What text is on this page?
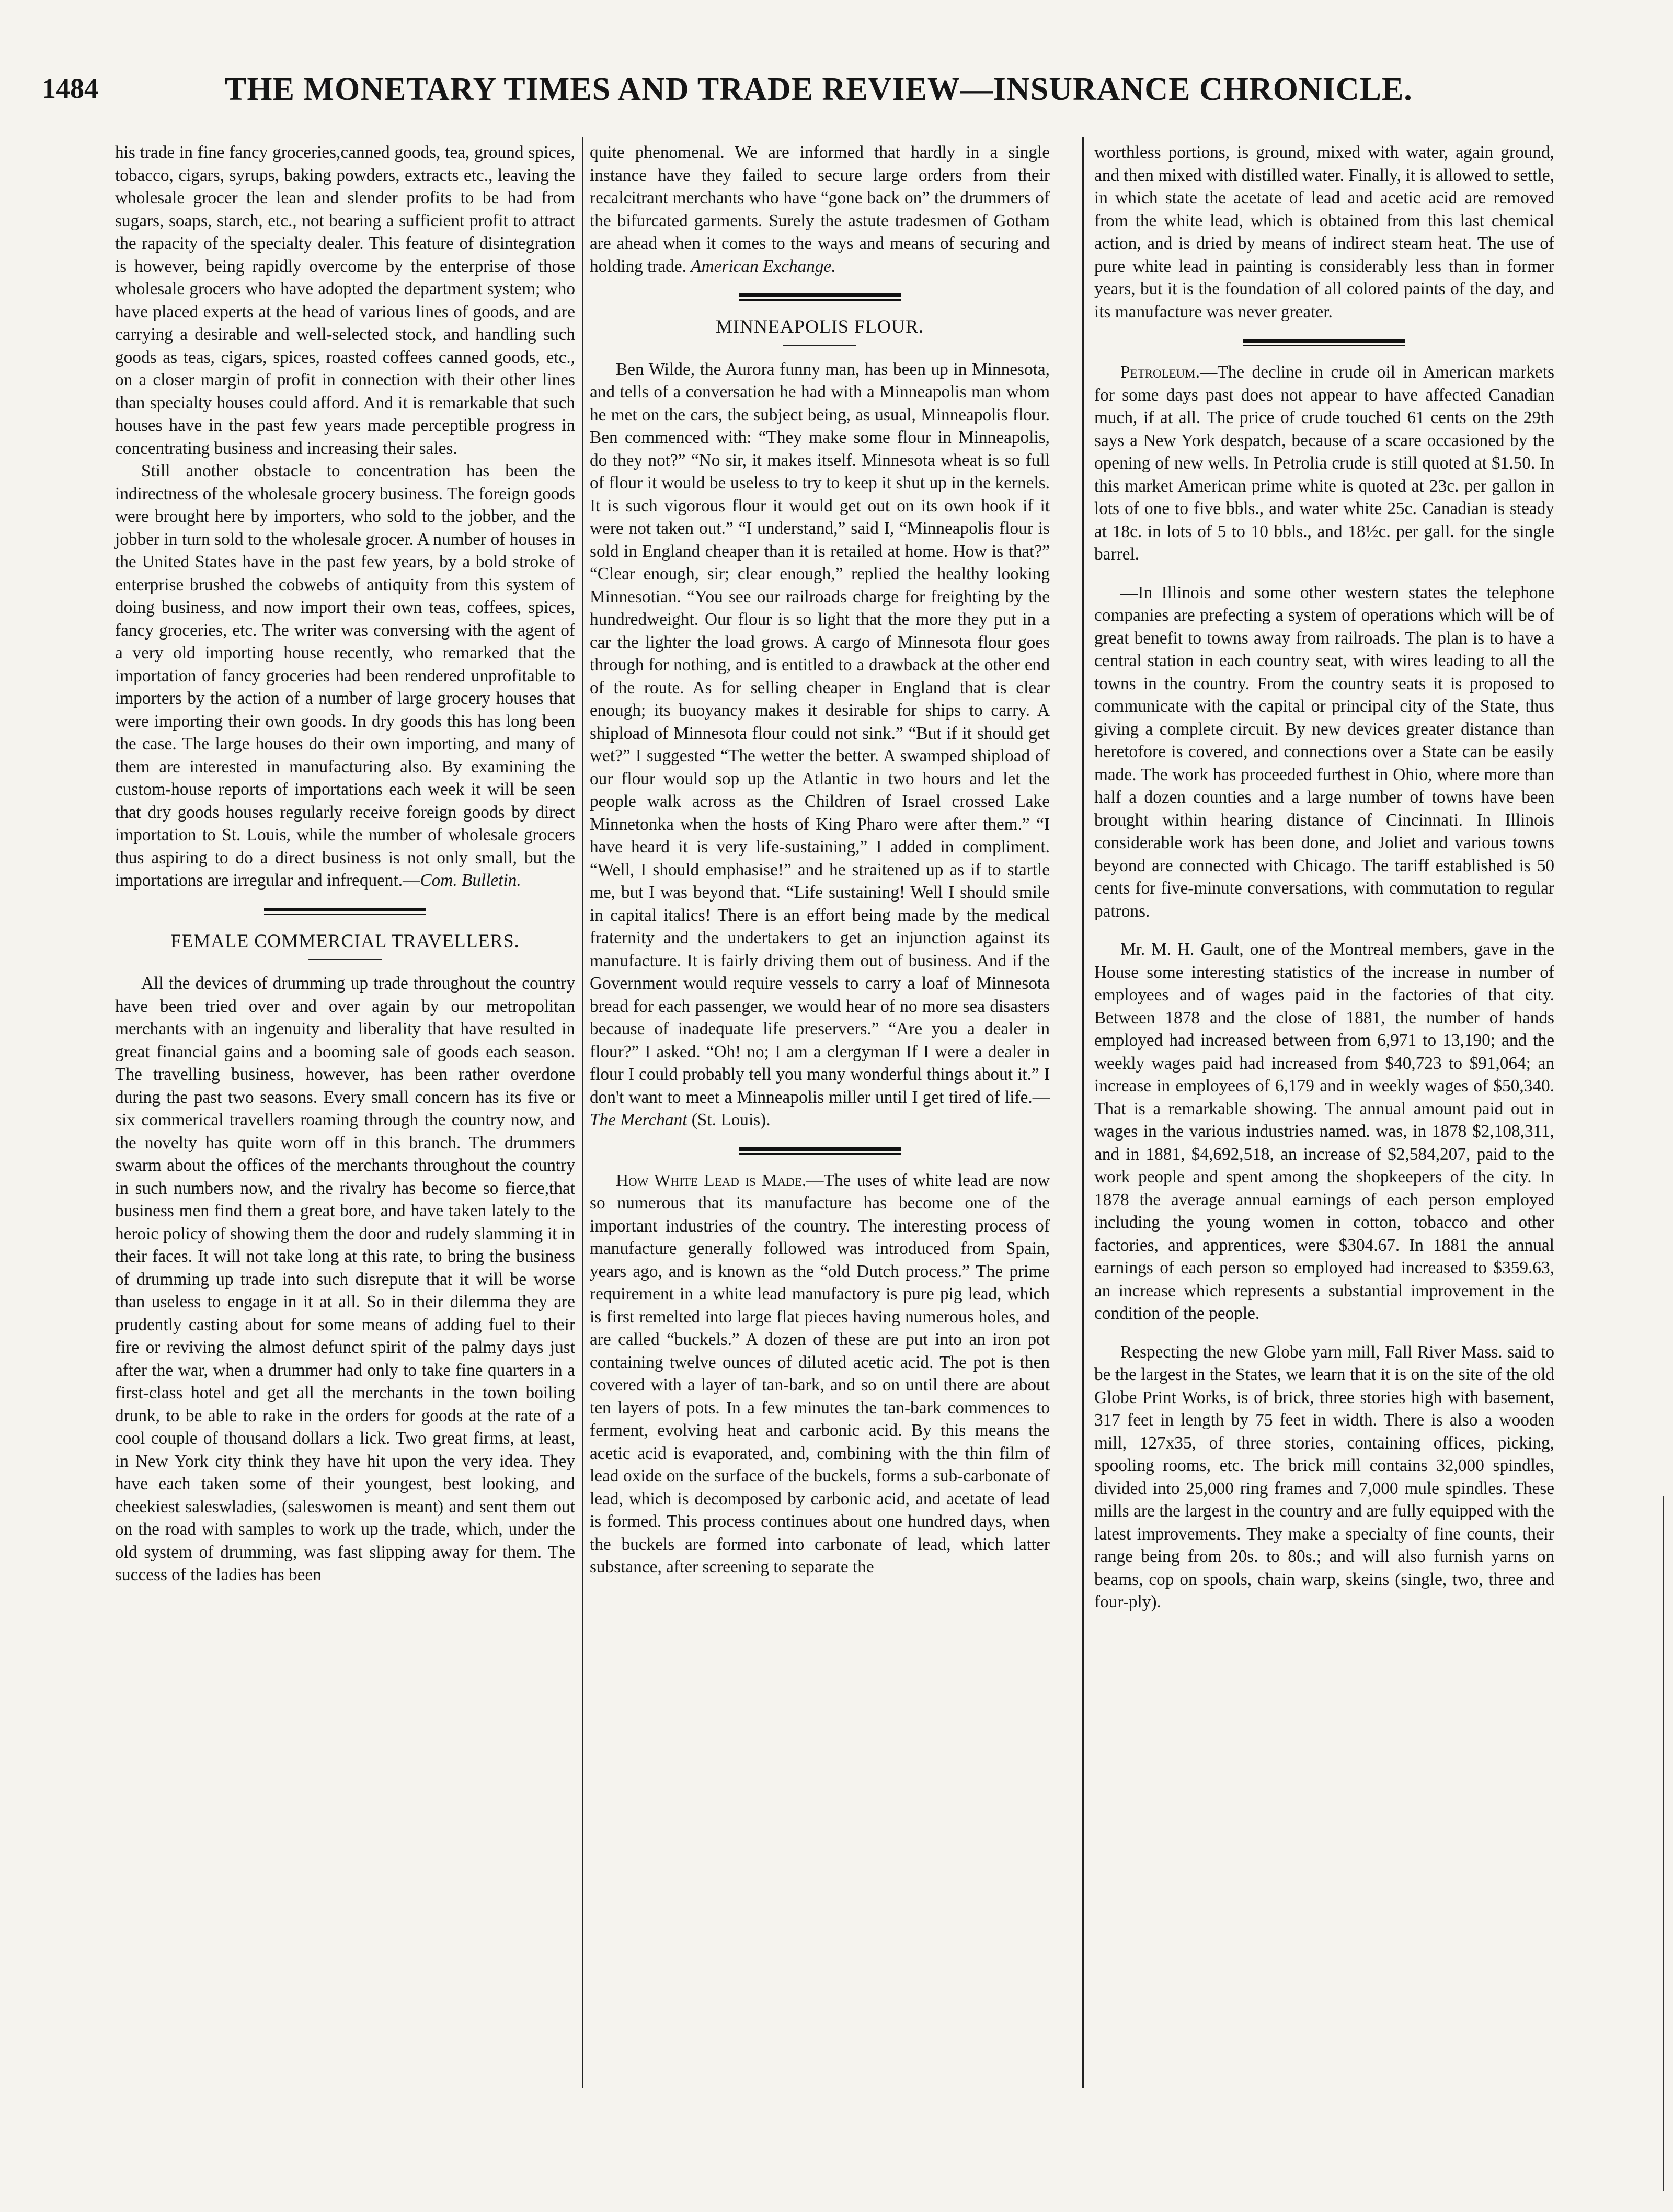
1484	THE MONETARY TIMES AND TRADE REVIEW—INSURANCE CHRONICLE.

his trade in fine fancy groceries,canned goods, tea, ground spices, tobacco, cigars, syrups, baking powders, extracts etc., leaving the wholesale grocer the lean and slender profits to be had from sugars, soaps, starch, etc., not bearing a sufficient profit to attract the rapacity of the specialty dealer. This feature of disintegration is however, being rapidly overcome by the enterprise of those wholesale grocers who have adopted the department system; who have placed experts at the head of various lines of goods, and are carrying a desirable and well-selected stock, and handling such goods as teas, cigars, spices, roasted coffees canned goods, etc., on a closer margin of profit in connection with their other lines than specialty houses could afford. And it is remarkable that such houses have in the past few years made perceptible progress in concentrating business and increasing their sales.

Still another obstacle to concentration has been the indirectness of the wholesale grocery business. The foreign goods were brought here by importers, who sold to the jobber, and the jobber in turn sold to the wholesale grocer. A number of houses in the United States have in the past few years, by a bold stroke of enterprise brushed the cobwebs of antiquity from this system of doing business, and now import their own teas, coffees, spices, fancy groceries, etc. The writer was conversing with the agent of a very old importing house recently, who remarked that the importation of fancy groceries had been rendered unprofitable to importers by the action of a number of large grocery houses that were importing their own goods. In dry goods this has long been the case. The large houses do their own importing, and many of them are interested in manufacturing also. By examining the custom-house reports of importations each week it will be seen that dry goods houses regularly receive foreign goods by direct importation to St. Louis, while the number of wholesale grocers thus aspiring to do a direct business is not only small, but the importations are irregular and infrequent.—Com. Bulletin.

FEMALE COMMERCIAL TRAVELLERS.

All the devices of drumming up trade throughout the country have been tried over and over again by our metropolitan merchants with an ingenuity and liberality that have resulted in great financial gains and a booming sale of goods each season. The travelling business, however, has been rather overdone during the past two seasons. Every small concern has its five or six commerical travellers roaming through the country now, and the novelty has quite worn off in this branch. The drummers swarm about the offices of the merchants throughout the country in such numbers now, and the rivalry has become so fierce,that business men find them a great bore, and have taken lately to the heroic policy of showing them the door and rudely slamming it in their faces. It will not take long at this rate, to bring the business of drumming up trade into such disrepute that it will be worse than useless to engage in it at all. So in their dilemma they are prudently casting about for some means of adding fuel to their fire or reviving the almost defunct spirit of the palmy days just after the war, when a drummer had only to take fine quarters in a first-class hotel and get all the merchants in the town boiling drunk, to be able to rake in the orders for goods at the rate of a cool couple of thousand dollars a lick. Two great firms, at least, in New York city think they have hit upon the very idea. They have each taken some of their youngest, best looking, and cheekiest saleswladies, (saleswomen is meant) and sent them out on the road with samples to work up the trade, which, under the old system of drumming, was fast slipping away for them. The success of the ladies has been

quite phenomenal. We are informed that hardly in a single instance have they failed to secure large orders from their recalcitrant merchants who have “gone back on” the drummers of the bifurcated garments. Surely the astute tradesmen of Gotham are ahead when it comes to the ways and means of securing and holding trade. American Exchange.

MINNEAPOLIS FLOUR.

Ben Wilde, the Aurora funny man, has been up in Minnesota, and tells of a conversation he had with a Minneapolis man whom he met on the cars, the subject being, as usual, Minneapolis flour. Ben commenced with: “They make some flour in Minneapolis, do they not?” “No sir, it makes itself. Minnesota wheat is so full of flour it would be useless to try to keep it shut up in the kernels. It is such vigorous flour it would get out on its own hook if it were not taken out.” “I understand,” said I, “Minneapolis flour is sold in England cheaper than it is retailed at home. How is that?” “Clear enough, sir; clear enough,” replied the healthy looking Minnesotian. “You see our railroads charge for freighting by the hundredweight. Our flour is so light that the more they put in a car the lighter the load grows. A cargo of Minnesota flour goes through for nothing, and is entitled to a drawback at the other end of the route. As for selling cheaper in England that is clear enough; its buoyancy makes it desirable for ships to carry. A shipload of Minnesota flour could not sink.” “But if it should get wet?” I suggested “The wetter the better. A swamped shipload of our flour would sop up the Atlantic in two hours and let the people walk across as the Children of Israel crossed Lake Minnetonka when the hosts of King Pharo were after them.” “I have heard it is very life-sustaining,” I added in compliment. “Well, I should emphasise!” and he straitened up as if to startle me, but I was beyond that. “Life sustaining! Well I should smile in capital italics! There is an effort being made by the medical fraternity and the undertakers to get an injunction against its manufacture. It is fairly driving them out of business. And if the Government would require vessels to carry a loaf of Minnesota bread for each passenger, we would hear of no more sea disasters because of inadequate life preservers.” “Are you a dealer in flour?” I asked. “Oh! no; I am a clergyman If I were a dealer in flour I could probably tell you many wonderful things about it.” I don't want to meet a Minneapolis miller until I get tired of life.—The Merchant (St. Louis).

How White Lead is Made.—The uses of white lead are now so numerous that its manufacture has become one of the important industries of the country. The interesting process of manufacture generally followed was introduced from Spain, years ago, and is known as the “old Dutch process.” The prime requirement in a white lead manufactory is pure pig lead, which is first remelted into large flat pieces having numerous holes, and are called “buckels.” A dozen of these are put into an iron pot containing twelve ounces of diluted acetic acid. The pot is then covered with a layer of tan-bark, and so on until there are about ten layers of pots. In a few minutes the tan-bark commences to ferment, evolving heat and carbonic acid. By this means the acetic acid is evaporated, and, combining with the thin film of lead oxide on the surface of the buckels, forms a sub-carbonate of lead, which is decomposed by carbonic acid, and acetate of lead is formed. This process continues about one hundred days, when the buckels are formed into carbonate of lead, which latter substance, after screening to separate the

worthless portions, is ground, mixed with water, again ground, and then mixed with distilled water. Finally, it is allowed to settle, in which state the acetate of lead and acetic acid are removed from the white lead, which is obtained from this last chemical action, and is dried by means of indirect steam heat. The use of pure white lead in painting is considerably less than in former years, but it is the foundation of all colored paints of the day, and its manufacture was never greater.

Petroleum.—The decline in crude oil in American markets for some days past does not appear to have affected Canadian much, if at all. The price of crude touched 61 cents on the 29th says a New York despatch, because of a scare occasioned by the opening of new wells. In Petrolia crude is still quoted at $1.50. In this market American prime white is quoted at 23c. per gallon in lots of one to five bbls., and water white 25c. Canadian is steady at 18c. in lots of 5 to 10 bbls., and 18½c. per gall. for the single barrel.

—In Illinois and some other western states the telephone companies are prefecting a system of operations which will be of great benefit to towns away from railroads. The plan is to have a central station in each country seat, with wires leading to all the towns in the country. From the country seats it is proposed to communicate with the capital or principal city of the State, thus giving a complete circuit. By new devices greater distance than heretofore is covered, and connections over a State can be easily made. The work has proceeded furthest in Ohio, where more than half a dozen counties and a large number of towns have been brought within hearing distance of Cincinnati. In Illinois considerable work has been done, and Joliet and various towns beyond are connected with Chicago. The tariff established is 50 cents for five-minute conversations, with commutation to regular patrons.

Mr. M. H. Gault, one of the Montreal members, gave in the House some interesting statistics of the increase in number of employees and of wages paid in the factories of that city. Between 1878 and the close of 1881, the number of hands employed had increased between from 6,971 to 13,190; and the weekly wages paid had increased from $40,723 to $91,064; an increase in employees of 6,179 and in weekly wages of $50,340. That is a remarkable showing. The annual amount paid out in wages in the various industries named. was, in 1878 $2,108,311, and in 1881, $4,692,518, an increase of $2,584,207, paid to the work people and spent among the shopkeepers of the city. In 1878 the average annual earnings of each person employed including the young women in cotton, tobacco and other factories, and apprentices, were $304.67. In 1881 the annual earnings of each person so employed had increased to $359.63, an increase which represents a substantial improvement in the condition of the people.

Respecting the new Globe yarn mill, Fall River Mass. said to be the largest in the States, we learn that it is on the site of the old Globe Print Works, is of brick, three stories high with basement, 317 feet in length by 75 feet in width. There is also a wooden mill, 127x35, of three stories, containing offices, picking, spooling rooms, etc. The brick mill contains 32,000 spindles, divided into 25,000 ring frames and 7,000 mule spindles. These mills are the largest in the country and are fully equipped with the latest improvements. They make a specialty of fine counts, their range being from 20s. to 80s.; and will also furnish yarns on beams, cop on spools, chain warp, skeins (single, two, three and four-ply).
